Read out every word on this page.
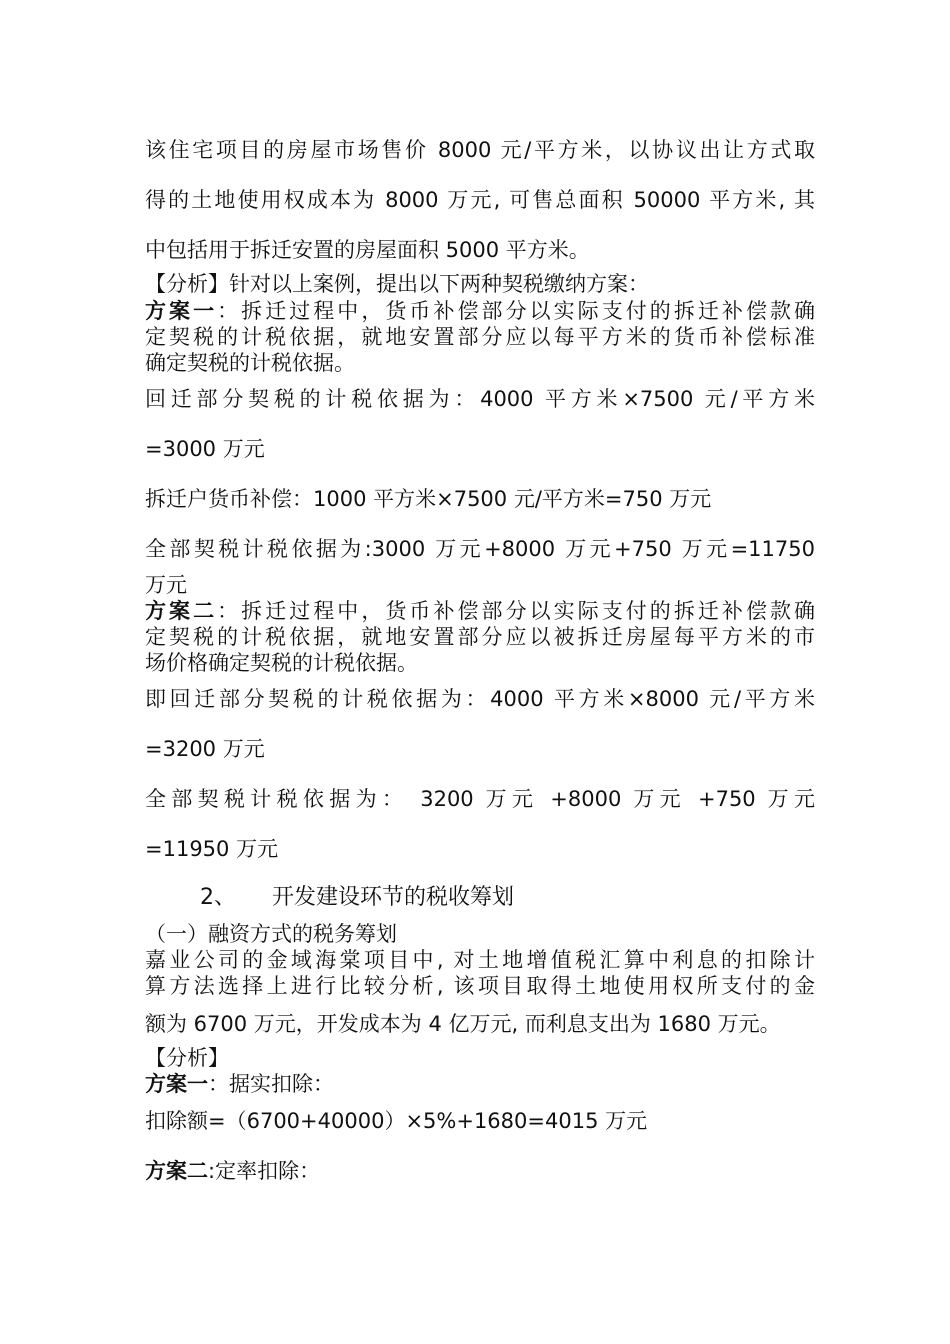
该住宅项目的房屋市场售价 8000 元/平方米，以协议出让方式取
得的土地使用权成本为 8000 万元, 可售总面积 50000 平方米, 其
中包括用于拆迁安置的房屋面积 5000 平方米。
【分析】针对以上案例，提出以下两种契税缴纳方案：
方案一：拆迁过程中，货币补偿部分以实际支付的拆迁补偿款确
定契税的计税依据，就地安置部分应以每平方米的货币补偿标准
确定契税的计税依据。
回迁部分契税的计税依据为：4000 平方米×7500 元/平方米
=3000 万元
拆迁户货币补偿：1000 平方米×7500 元/平方米=750 万元
全部契税计税依据为:3000 万元+8000 万元+750 万元=11750
万元
方案二：拆迁过程中，货币补偿部分以实际支付的拆迁补偿款确
定契税的计税依据，就地安置部分应以被拆迁房屋每平方米的市
场价格确定契税的计税依据。
即回迁部分契税的计税依据为：4000 平方米×8000 元/平方米
=3200 万元
全部契税计税依据为： 3200 万元 +8000 万元 +750 万元
=11950 万元
2、 开发建设环节的税收筹划
（一）融资方式的税务筹划
嘉业公司的金域海棠项目中, 对土地增值税汇算中利息的扣除计
算方法选择上进行比较分析, 该项目取得土地使用权所支付的金
额为 6700 万元，开发成本为 4 亿万元, 而利息支出为 1680 万元。
【分析】
方案一：据实扣除：
扣除额=（6700+40000）×5%+1680=4015 万元
方案二:定率扣除：
